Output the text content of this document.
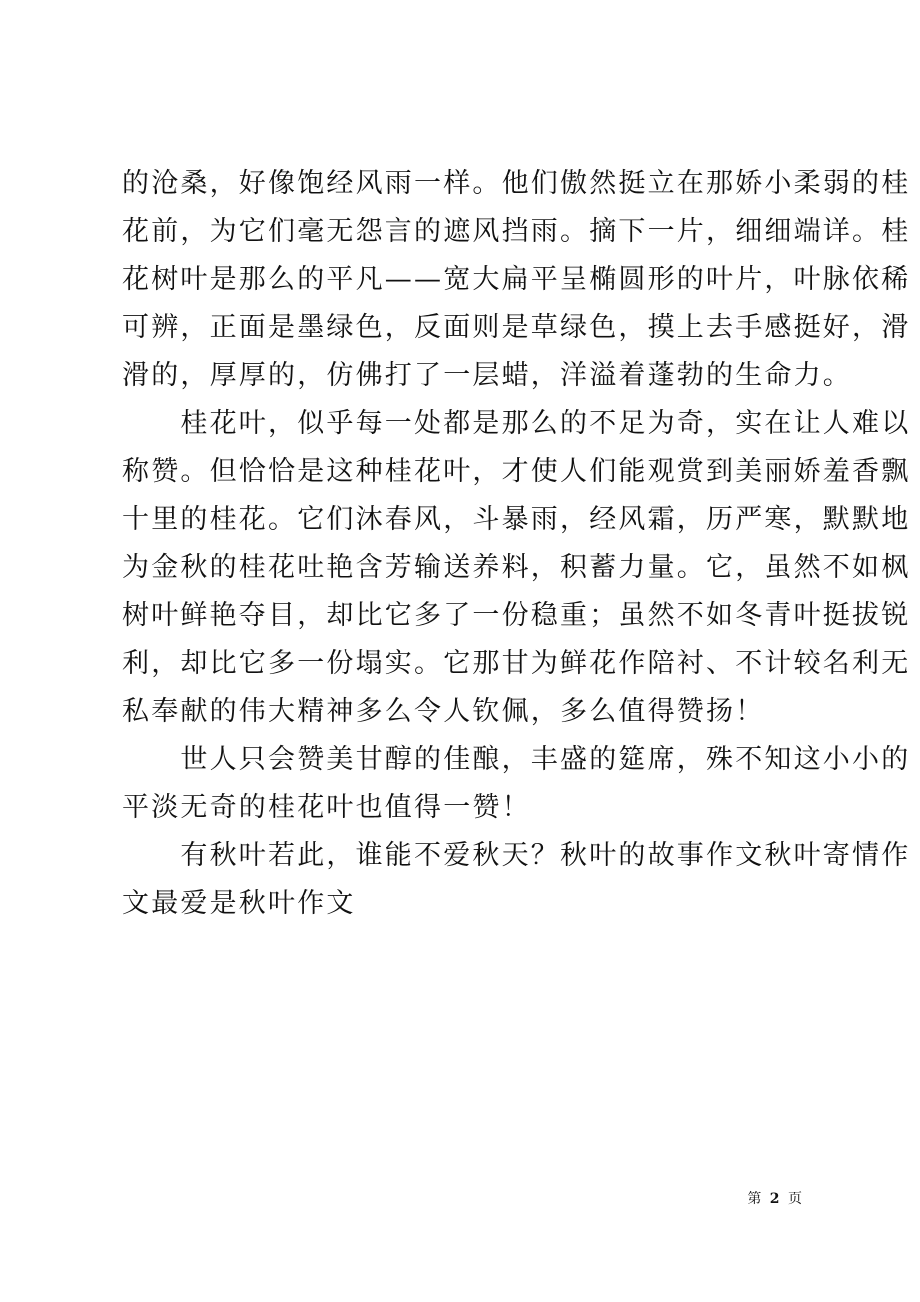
的沧桑，好像饱经风雨一样。他们傲然挺立在那娇小柔弱的桂
花前，为它们毫无怨言的遮风挡雨。摘下一片，细细端详。桂
花树叶是那么的平凡——宽大扁平呈椭圆形的叶片，叶脉依稀
可辨，正面是墨绿色，反面则是草绿色，摸上去手感挺好，滑
滑的，厚厚的，仿佛打了一层蜡，洋溢着蓬勃的生命力。
　　桂花叶，似乎每一处都是那么的不足为奇，实在让人难以
称赞。但恰恰是这种桂花叶，才使人们能观赏到美丽娇羞香飘
十里的桂花。它们沐春风，斗暴雨，经风霜，历严寒，默默地
为金秋的桂花吐艳含芳输送养料，积蓄力量。它，虽然不如枫
树叶鲜艳夺目，却比它多了一份稳重；虽然不如冬青叶挺拔锐
利，却比它多一份塌实。它那甘为鲜花作陪衬、不计较名利无
私奉献的伟大精神多么令人钦佩，多么值得赞扬！
　　世人只会赞美甘醇的佳酿，丰盛的筵席，殊不知这小小的
平淡无奇的桂花叶也值得一赞！
　　有秋叶若此，谁能不爱秋天？秋叶的故事作文秋叶寄情作
文最爱是秋叶作文
第 2 页
